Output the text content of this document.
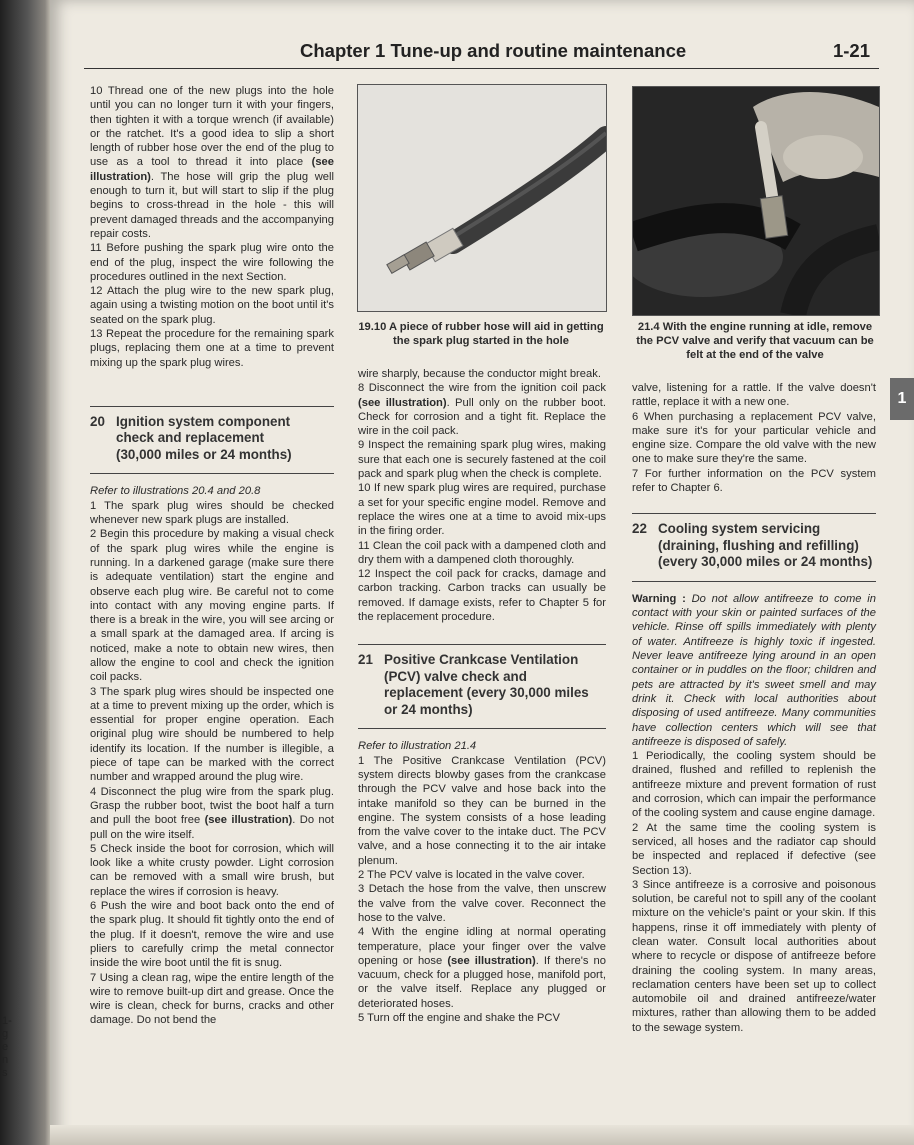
1-
g
e
n
s
Chapter 1 Tune-up and routine maintenance	1-21
1

10 Thread one of the new plugs into the hole until you can no longer turn it with your fingers, then tighten it with a torque wrench (if available) or the ratchet. It's a good idea to slip a short length of rubber hose over the end of the plug to use as a tool to thread it into place (see illustration). The hose will grip the plug well enough to turn it, but will start to slip if the plug begins to cross-thread in the hole - this will prevent damaged threads and the accompanying repair costs.

11 Before pushing the spark plug wire onto the end of the plug, inspect the wire following the procedures outlined in the next Section.

12 Attach the plug wire to the new spark plug, again using a twisting motion on the boot until it's seated on the spark plug.

13 Repeat the procedure for the remaining spark plugs, replacing them one at a time to prevent mixing up the spark plug wires.

20 Ignition system component
check and replacement
(30,000 miles or 24 months)

Refer to illustrations 20.4 and 20.8

1 The spark plug wires should be checked whenever new spark plugs are installed.

2 Begin this procedure by making a visual check of the spark plug wires while the engine is running. In a darkened garage (make sure there is adequate ventilation) start the engine and observe each plug wire. Be careful not to come into contact with any moving engine parts. If there is a break in the wire, you will see arcing or a small spark at the damaged area. If arcing is noticed, make a note to obtain new wires, then allow the engine to cool and check the ignition coil packs.

3 The spark plug wires should be inspected one at a time to prevent mixing up the order, which is essential for proper engine operation. Each original plug wire should be numbered to help identify its location. If the number is illegible, a piece of tape can be marked with the correct number and wrapped around the plug wire.

4 Disconnect the plug wire from the spark plug. Grasp the rubber boot, twist the boot half a turn and pull the boot free (see illustration). Do not pull on the wire itself.

5 Check inside the boot for corrosion, which will look like a white crusty powder. Light corrosion can be removed with a small wire brush, but replace the wires if corrosion is heavy.

6 Push the wire and boot back onto the end of the spark plug. It should fit tightly onto the end of the plug. If it doesn't, remove the wire and use pliers to carefully crimp the metal connector inside the wire boot until the fit is snug.

7 Using a clean rag, wipe the entire length of the wire to remove built-up dirt and grease. Once the wire is clean, check for burns, cracks and other damage. Do not bend the

19.10 A piece of rubber hose will aid in getting the spark plug started in the hole
21.4 With the engine running at idle, remove the PCV valve and verify that vacuum can be felt at the end of the valve

wire sharply, because the conductor might break.

8 Disconnect the wire from the ignition coil pack (see illustration). Pull only on the rubber boot. Check for corrosion and a tight fit. Replace the wire in the coil pack.

9 Inspect the remaining spark plug wires, making sure that each one is securely fastened at the coil pack and spark plug when the check is complete.

10 If new spark plug wires are required, purchase a set for your specific engine model. Remove and replace the wires one at a time to avoid mix-ups in the firing order.

11 Clean the coil pack with a dampened cloth and dry them with a dampened cloth thoroughly.

12 Inspect the coil pack for cracks, damage and carbon tracking. Carbon tracks can usually be removed. If damage exists, refer to Chapter 5 for the replacement procedure.

21 Positive Crankcase Ventilation
(PCV) valve check and
replacement (every 30,000 miles
or 24 months)

Refer to illustration 21.4

1 The Positive Crankcase Ventilation (PCV) system directs blowby gases from the crankcase through the PCV valve and hose back into the intake manifold so they can be burned in the engine. The system consists of a hose leading from the valve cover to the intake duct. The PCV valve, and a hose connecting it to the air intake plenum.

2 The PCV valve is located in the valve cover.

3 Detach the hose from the valve, then unscrew the valve from the valve cover. Reconnect the hose to the valve.

4 With the engine idling at normal operating temperature, place your finger over the valve opening or hose (see illustration). If there's no vacuum, check for a plugged hose, manifold port, or the valve itself. Replace any plugged or deteriorated hoses.

5 Turn off the engine and shake the PCV

valve, listening for a rattle. If the valve doesn't rattle, replace it with a new one.

6 When purchasing a replacement PCV valve, make sure it's for your particular vehicle and engine size. Compare the old valve with the new one to make sure they're the same.

7 For further information on the PCV system refer to Chapter 6.

22 Cooling system servicing
(draining, flushing and refilling)
(every 30,000 miles or 24 months)

Warning : Do not allow antifreeze to come in contact with your skin or painted surfaces of the vehicle. Rinse off spills immediately with plenty of water. Antifreeze is highly toxic if ingested. Never leave antifreeze lying around in an open container or in puddles on the floor; children and pets are attracted by it's sweet smell and may drink it. Check with local authorities about disposing of used antifreeze. Many communities have collection centers which will see that antifreeze is disposed of safely.

1 Periodically, the cooling system should be drained, flushed and refilled to replenish the antifreeze mixture and prevent formation of rust and corrosion, which can impair the performance of the cooling system and cause engine damage.

2 At the same time the cooling system is serviced, all hoses and the radiator cap should be inspected and replaced if defective (see Section 13).

3 Since antifreeze is a corrosive and poisonous solution, be careful not to spill any of the coolant mixture on the vehicle's paint or your skin. If this happens, rinse it off immediately with plenty of clean water. Consult local authorities about where to recycle or dispose of antifreeze before draining the cooling system. In many areas, reclamation centers have been set up to collect automobile oil and drained antifreeze/water mixtures, rather than allowing them to be added to the sewage system.
